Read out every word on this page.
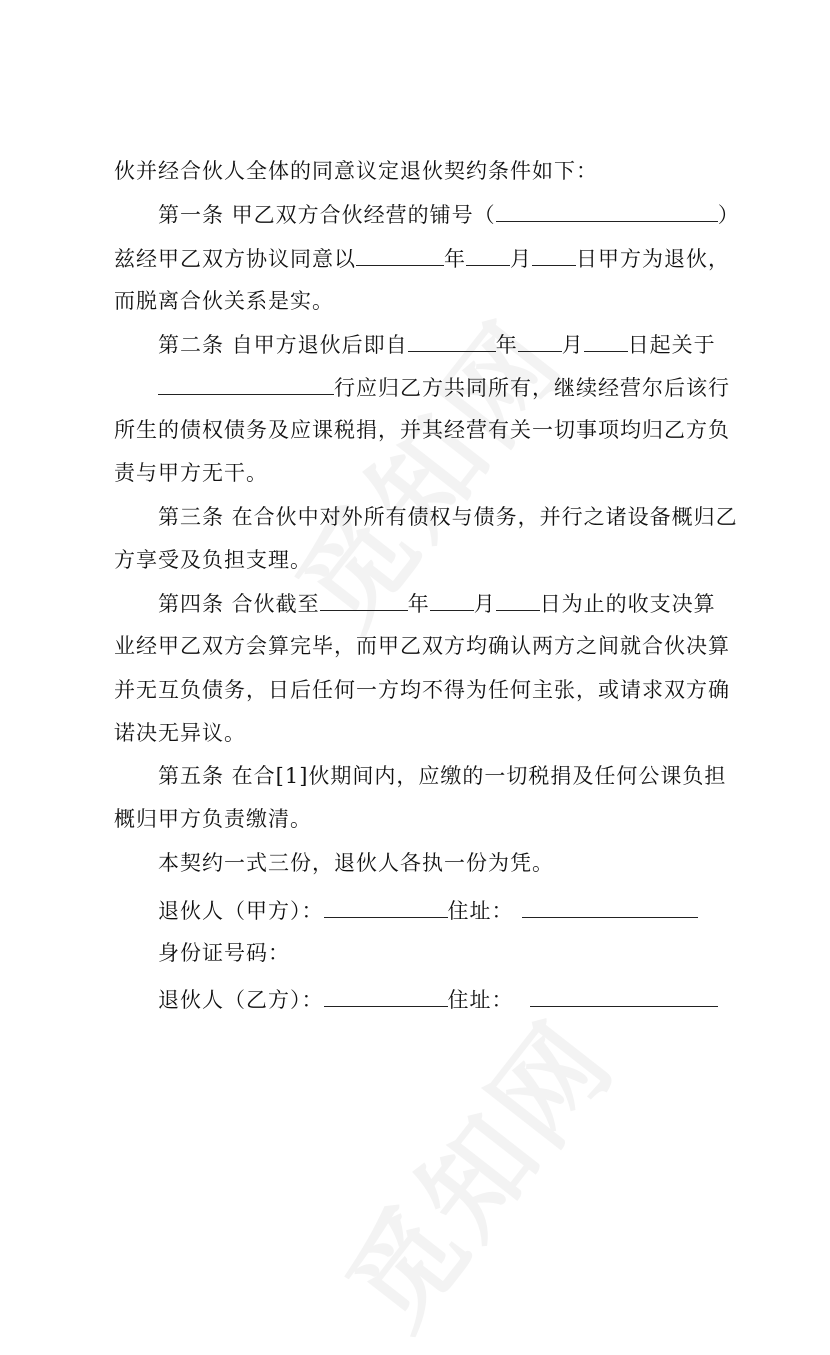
伙并经合伙人全体的同意议定退伙契约条件如下：
第一条 甲乙双方合伙经营的铺号（	）
兹经甲乙双方协议同意以	年 月 日甲方为退伙，
而脱离合伙关系是实。
第二条 自甲方退伙后即自	年 月 日起关于
行应归乙方共同所有，继续经营尔后该行
所生的债权债务及应课税捐，并其经营有关一切事项均归乙方负
责与甲方无干。
第三条 在合伙中对外所有债权与债务，并行之诸设备概归乙
方享受及负担支理。
第四条 合伙截至	年 月 日为止的收支决算
业经甲乙双方会算完毕，而甲乙双方均确认两方之间就合伙决算
并无互负债务，日后任何一方均不得为任何主张，或请求双方确
诺决无异议。
第五条 在合[1]伙期间内，应缴的一切税捐及任何公课负担
概归甲方负责缴清。
本契约一式三份，退伙人各执一份为凭。
退伙人（甲方）：	住址：
身份证号码：
退伙人（乙方）：	住址：
